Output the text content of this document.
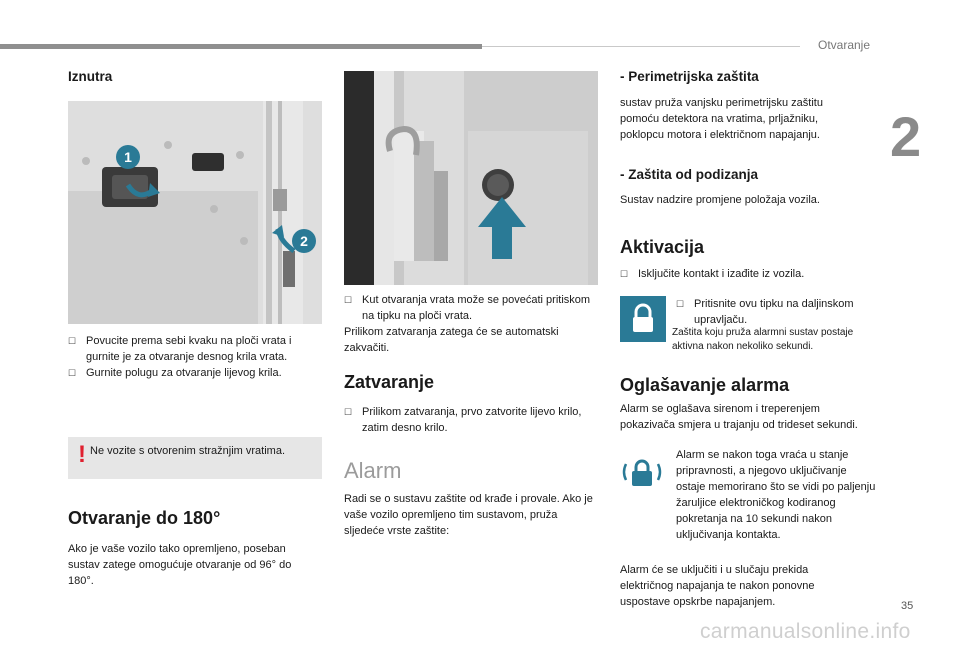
Otvaranje
2
Iznutra
1
2
☐ Povucite prema sebi kvaku na ploči vrata i gurnite je za otvaranje desnog krila vrata.
☐ Gurnite polugu za otvaranje lijevog krila.
! Ne vozite s otvorenim stražnjim vratima.
Otvaranje do 180°
Ako je vaše vozilo tako opremljeno, poseban sustav zatege omogućuje otvaranje od 96° do 180°.
☐ Kut otvaranja vrata može se povećati pritiskom na tipku na ploči vrata.
Prilikom zatvaranja zatega će se automatski zakvačiti.
Zatvaranje
☐ Prilikom zatvaranja, prvo zatvorite lijevo krilo, zatim desno krilo.
Alarm
Radi se o sustavu zaštite od krađe i provale. Ako je vaše vozilo opremljeno tim sustavom, pruža sljedeće vrste zaštite:
- Perimetrijska zaštita
sustav pruža vanjsku perimetrijsku zaštitu pomoću detektora na vratima, prljažniku, poklopcu motora i električnom napajanju.
- Zaštita od podizanja
Sustav nadzire promjene položaja vozila.
Aktivacija
☐ Isključite kontakt i izađite iz vozila.
☐ Pritisnite ovu tipku na daljinskom upravljaču.
Zaštita koju pruža alarmni sustav postaje aktivna nakon nekoliko sekundi.
Oglašavanje alarma
Alarm se oglašava sirenom i treperenjem pokazivača smjera u trajanju od trideset sekundi.
Alarm se nakon toga vraća u stanje pripravnosti, a njegovo uključivanje ostaje memorirano što se vidi po paljenju žaruljice elektroničkog kodiranog pokretanja na 10 sekundi nakon uključivanja kontakta.
Alarm će se uključiti i u slučaju prekida električnog napajanja te nakon ponovne uspostave opskrbe napajanjem.	35
carmanualsonline.info
